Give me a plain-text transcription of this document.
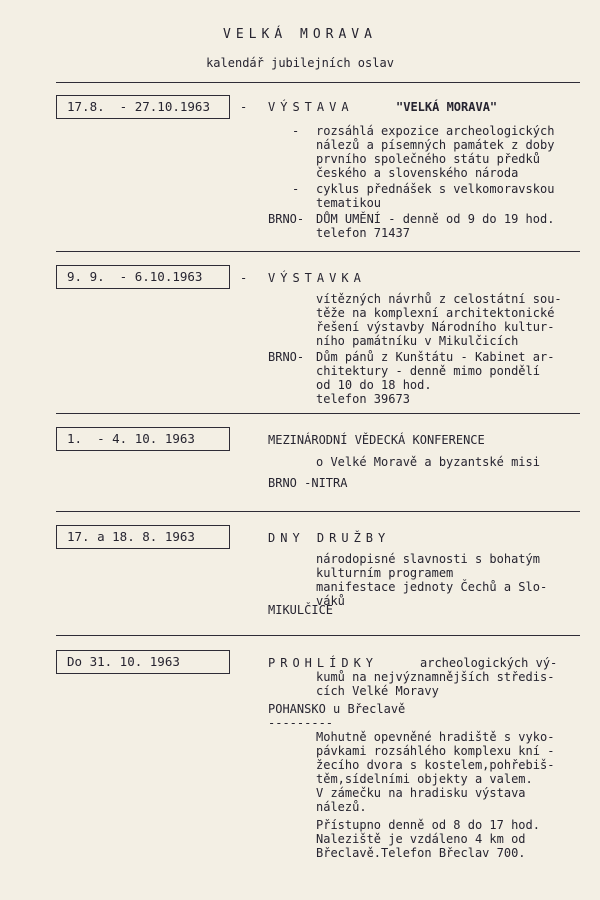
VELKÁ MORAVA
kalendář jubilejních oslav
17.8.  - 27.10.1963	- VÝSTAVA	"VELKÁ MORAVA"
- rozsáhlá expozice archeologických
nálezů a písemných památek z doby
prvního společného státu předků
českého a slovenského národa
- cyklus přednášek s velkomoravskou
tematikou
BRNO- DŮM UMĚNÍ - denně od 9 do 19 hod.
telefon 71437
9. 9.  - 6.10.1963	- VÝSTAVKA
vítězných návrhů z celostátní sou-
těže na komplexní architektonické
řešení výstavby Národního kultur-
ního památníku v Mikulčicích
BRNO- Dům pánů z Kunštátu - Kabinet ar-
chitektury - denně mimo pondělí
od 10 do 18 hod.
telefon 39673
1.  - 4. 10. 1963	MEZINÁRODNÍ VĚDECKÁ KONFERENCE
o Velké Moravě a byzantské misi
BRNO -NITRA
17. a 18. 8. 1963	DNY DRUŽBY
národopisné slavnosti s bohatým
kulturním programem
manifestace jednoty Čechů a Slo-
váků
MIKULČICE
Do 31. 10. 1963	PROHLÍDKY	archeologických vý-
kumů na nejvýznamnějších středis-
cích Velké Moravy
POHANSKO u Břeclavě
---------
Mohutně opevněné hradiště s vyko-
pávkami rozsáhlého komplexu kní -
žecího dvora s kostelem,pohřebiš-
těm,sídelními objekty a valem.
V zámečku na hradisku výstava
nálezů.
Přístupno denně od 8 do 17 hod.
Naleziště je vzdáleno 4 km od
Břeclavě.Telefon Břeclav 700.
